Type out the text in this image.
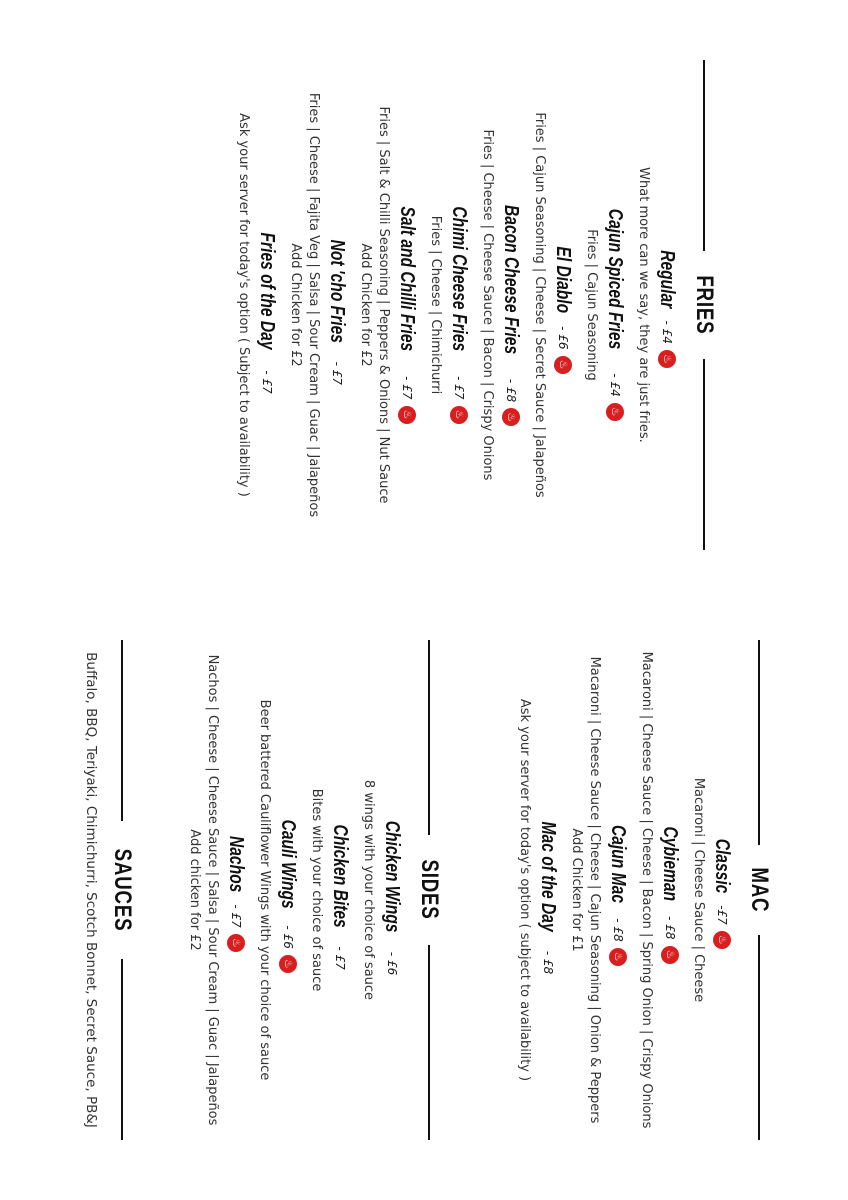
FRIES
Regular
- £4
♨
What more can we say, they are just fries.
Cajun Spiced Fries
- £4
♨
Fries | Cajun Seasoning
El Diablo
- £6
♨
Fries | Cajun Seasoning | Cheese | Secret Sauce | Jalapeños
Bacon Cheese Fries
- £8
♨
Fries | Cheese | Cheese Sauce | Bacon | Crispy Onions
Chimi Cheese Fries
- £7
♨
Fries | Cheese | Chimichurri
Salt and Chilli Fries
- £7
♨
Fries | Salt & Chilli Seasoning | Peppers & Onions | Nut Sauce
Add Chicken for £2
Not 'cho Fries
- £7
Fries | Cheese | Fajita Veg | Salsa | Sour Cream | Guac | Jalapeños
Add Chicken for £2
Fries of the Day
- £7
Ask your server for today's option ( Subject to availability )
MAC
Classic
-£7
♨
Macaroni | Cheese Sauce | Cheese
Cybieman
- £8
♨
Macaroni | Cheese Sauce | Cheese | Bacon | Spring Onion | Crispy Onions
Cajun Mac
- £8
♨
Macaroni | Cheese Sauce | Cheese | Cajun Seasoning | Onion & Peppers
Add Chicken for £1
Mac of the Day
- £8
Ask your server for today's option ( subject to availability )
SIDES
Chicken Wings
- £6
8 wings with your choice of sauce
Chicken Bites
- £7
Bites with your choice of sauce
Cauli Wings
- £6
♨
Beer battered Cauliflower Wings with your choice of sauce
Nachos
- £7
♨
Nachos | Cheese | Cheese Sauce | Salsa | Sour Cream | Guac | Jalapeños
Add chicken for £2
SAUCES
Buffalo, BBQ, Teriyaki, Chimichurri, Scotch Bonnet, Secret Sauce, PB&J
